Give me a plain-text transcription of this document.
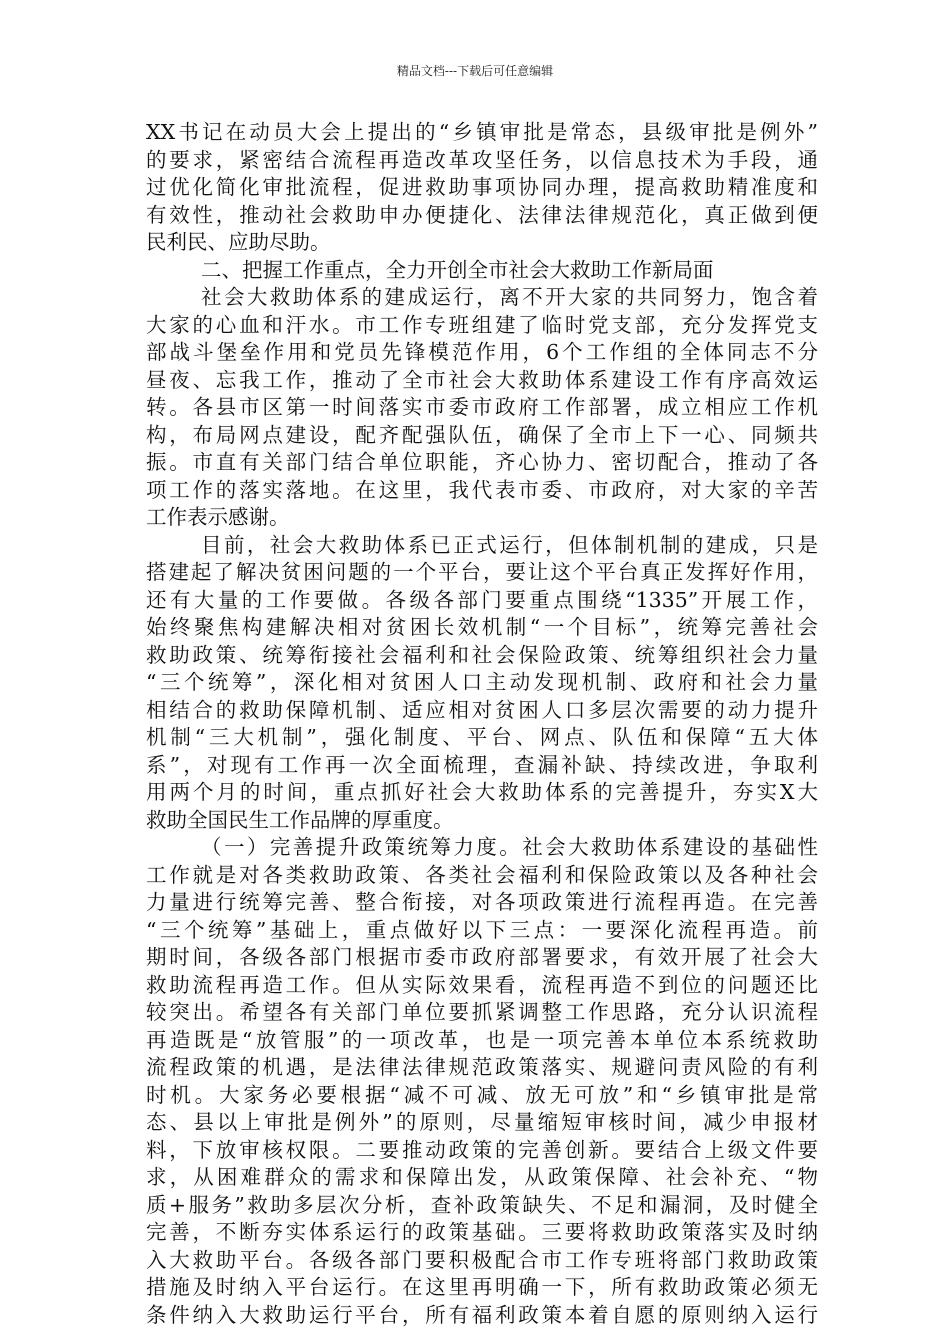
精品文档---下载后可任意编辑
XX书记在动员大会上提出的“乡镇审批是常态，县级审批是例外”
的要求，紧密结合流程再造改革攻坚任务，以信息技术为手段，通
过优化简化审批流程，促进救助事项协同办理，提高救助精准度和
有效性，推动社会救助申办便捷化、法律法律规范化，真正做到便
民利民、应助尽助。
二、把握工作重点，全力开创全市社会大救助工作新局面
社会大救助体系的建成运行，离不开大家的共同努力，饱含着
大家的心血和汗水。市工作专班组建了临时党支部，充分发挥党支
部战斗堡垒作用和党员先锋模范作用，6个工作组的全体同志不分
昼夜、忘我工作，推动了全市社会大救助体系建设工作有序高效运
转。各县市区第一时间落实市委市政府工作部署，成立相应工作机
构，布局网点建设，配齐配强队伍，确保了全市上下一心、同频共
振。市直有关部门结合单位职能，齐心协力、密切配合，推动了各
项工作的落实落地。在这里，我代表市委、市政府，对大家的辛苦
工作表示感谢。
目前，社会大救助体系已正式运行，但体制机制的建成，只是
搭建起了解决贫困问题的一个平台，要让这个平台真正发挥好作用，
还有大量的工作要做。各级各部门要重点围绕“1335”开展工作，
始终聚焦构建解决相对贫困长效机制“一个目标”，统筹完善社会
救助政策、统筹衔接社会福利和社会保险政策、统筹组织社会力量
“三个统筹”，深化相对贫困人口主动发现机制、政府和社会力量
相结合的救助保障机制、适应相对贫困人口多层次需要的动力提升
机制“三大机制”，强化制度、平台、网点、队伍和保障“五大体
系”，对现有工作再一次全面梳理，查漏补缺、持续改进，争取利
用两个月的时间，重点抓好社会大救助体系的完善提升，夯实X大
救助全国民生工作品牌的厚重度。
（一）完善提升政策统筹力度。社会大救助体系建设的基础性
工作就是对各类救助政策、各类社会福利和保险政策以及各种社会
力量进行统筹完善、整合衔接，对各项政策进行流程再造。在完善
“三个统筹”基础上，重点做好以下三点：一要深化流程再造。前
期时间，各级各部门根据市委市政府部署要求，有效开展了社会大
救助流程再造工作。但从实际效果看，流程再造不到位的问题还比
较突出。希望各有关部门单位要抓紧调整工作思路，充分认识流程
再造既是“放管服”的一项改革，也是一项完善本单位本系统救助
流程政策的机遇，是法律法律规范政策落实、规避问责风险的有利
时机。大家务必要根据“减不可减、放无可放”和“乡镇审批是常
态、县以上审批是例外”的原则，尽量缩短审核时间，减少申报材
料，下放审核权限。二要推动政策的完善创新。要结合上级文件要
求，从困难群众的需求和保障出发，从政策保障、社会补充、“物
质+服务”救助多层次分析，查补政策缺失、不足和漏洞，及时健全
完善，不断夯实体系运行的政策基础。三要将救助政策落实及时纳
入大救助平台。各级各部门要积极配合市工作专班将部门救助政策
措施及时纳入平台运行。在这里再明确一下，所有救助政策必须无
条件纳入大救助运行平台，所有福利政策本着自愿的原则纳入运行
